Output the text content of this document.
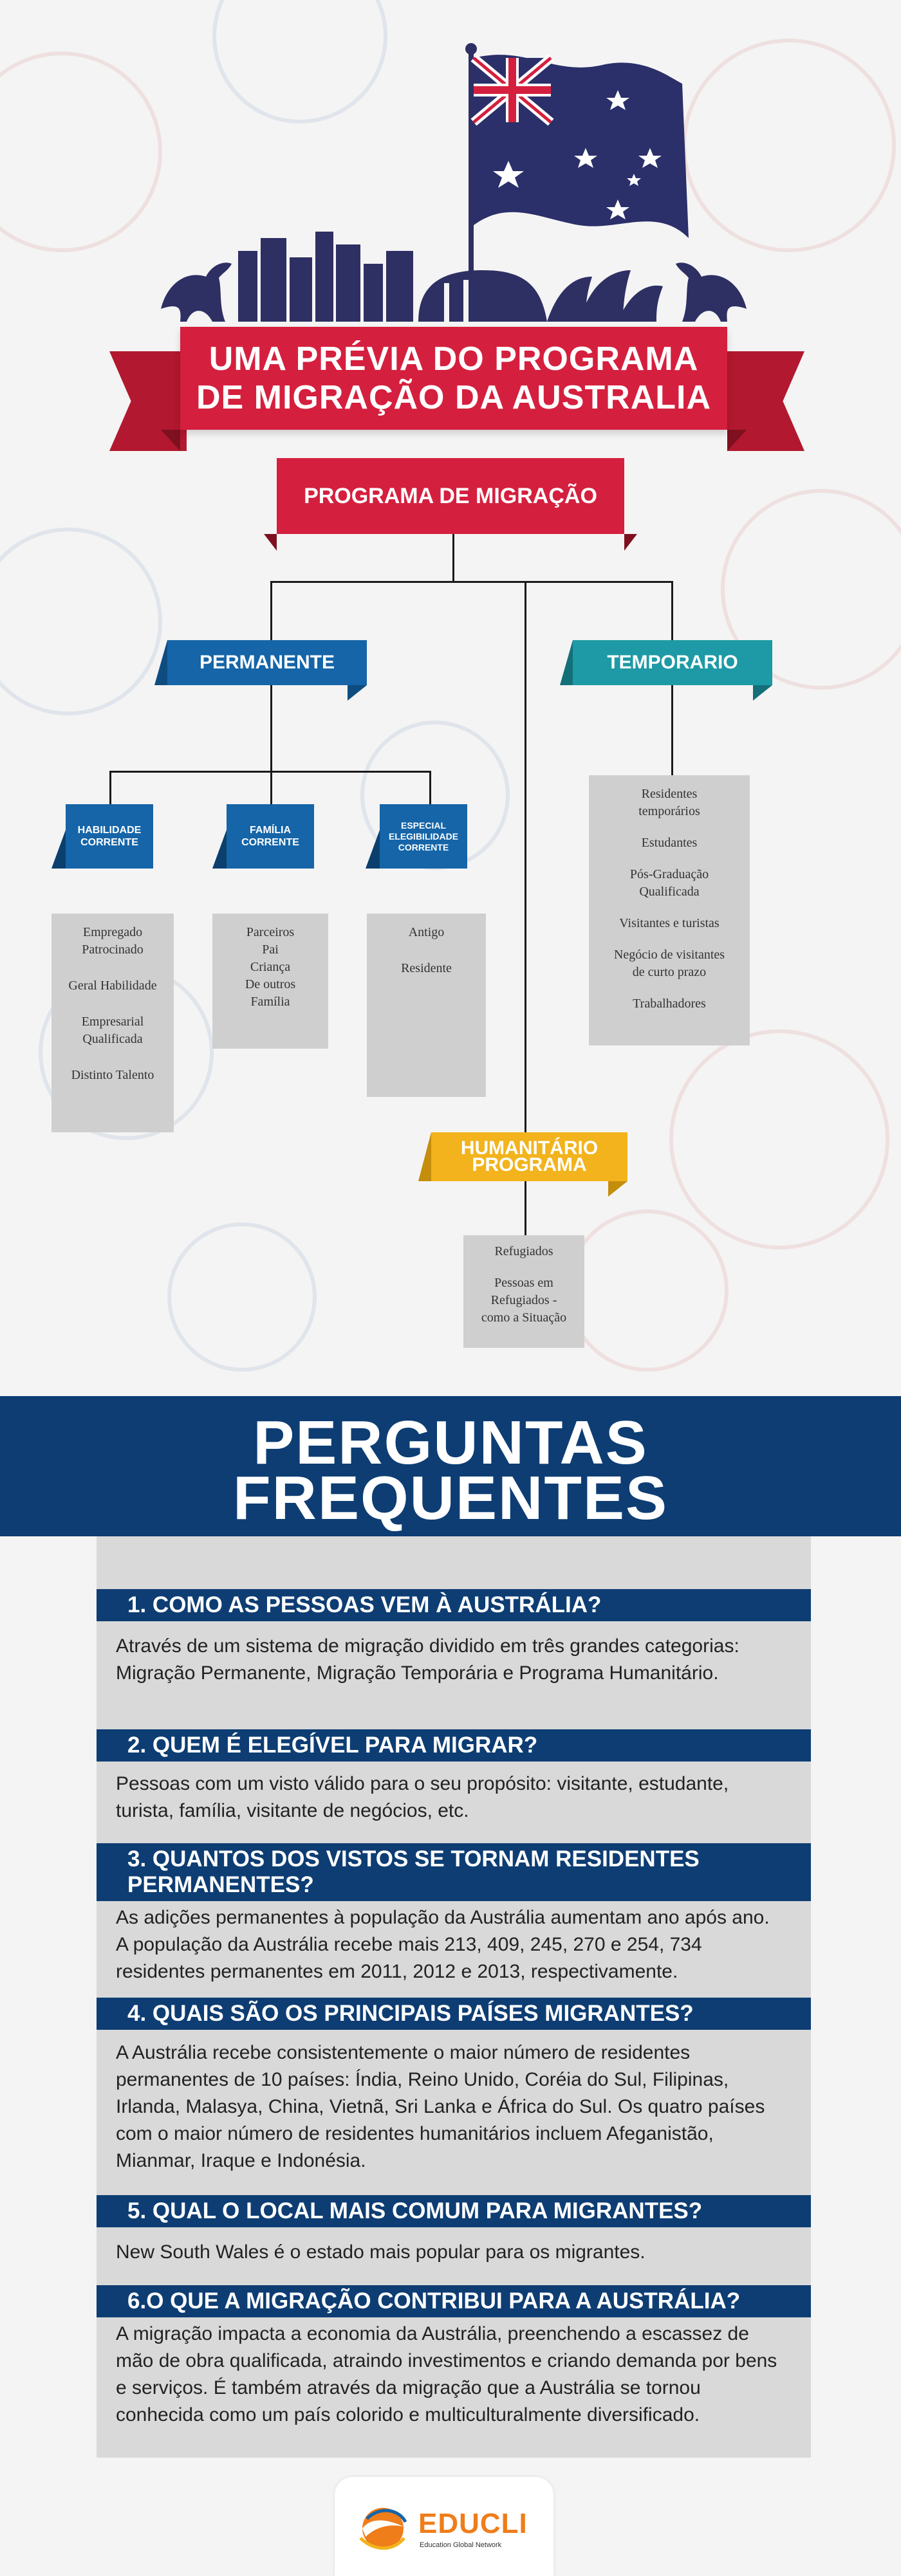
UMA PRÉVIA DO PROGRAMA
DE MIGRAÇÃO DA AUSTRALIA
PROGRAMA DE MIGRAÇÃO
PERMANENTE	TEMPORARIO
HABILIDADE
CORRENTE
FAMÍLIA
CORRENTE
ESPECIAL
ELEGIBILIDADE
CORRENTE
Empregado Patrocinado
Geral Habilidade
Empresarial Qualificada
Distinto Talento
Parceiros
Pai
Criança
De outros
Família
Antigo
Residente
Residentes temporários
Estudantes
Pós-Graduação Qualificada
Visitantes e turistas
Negócio de visitantes de curto prazo
Trabalhadores
HUMANITÁRIO
PROGRAMA
Refugiados
Pessoas em Refugiados - como a Situação
PERGUNTAS
FREQUENTES
1. COMO AS PESSOAS VEM À AUSTRÁLIA?
Através de um sistema de migração dividido em três grandes categorias: Migração Permanente, Migração Temporária e Programa Humanitário.
2. QUEM É ELEGÍVEL PARA MIGRAR?
Pessoas com um visto válido para o seu propósito: visitante, estudante, turista, família, visitante de negócios, etc.
3. QUANTOS DOS VISTOS SE TORNAM RESIDENTES PERMANENTES?
As adições permanentes à população da Austrália aumentam ano após ano. A população da Austrália recebe mais 213, 409, 245, 270 e 254, 734 residentes permanentes em 2011, 2012 e 2013, respectivamente.
4. QUAIS SÃO OS PRINCIPAIS PAÍSES MIGRANTES?
A Austrália recebe consistentemente o maior número de residentes permanentes de 10 países: Índia, Reino Unido, Coréia do Sul, Filipinas, Irlanda, Malasya, China, Vietnã, Sri Lanka e África do Sul. Os quatro países com o maior número de residentes humanitários incluem Afeganistão, Mianmar, Iraque e Indonésia.
5. QUAL O LOCAL MAIS COMUM PARA MIGRANTES?
New South Wales é o estado mais popular para os migrantes.
6.O QUE A MIGRAÇÃO CONTRIBUI PARA A AUSTRÁLIA?
A migração impacta a economia da Austrália, preenchendo a escassez de mão de obra qualificada, atraindo investimentos e criando demanda por bens e serviços. É também através da migração que a Austrália se tornou conhecida como um país colorido e multiculturalmente diversificado.
EDUCLI
Education Global Network
